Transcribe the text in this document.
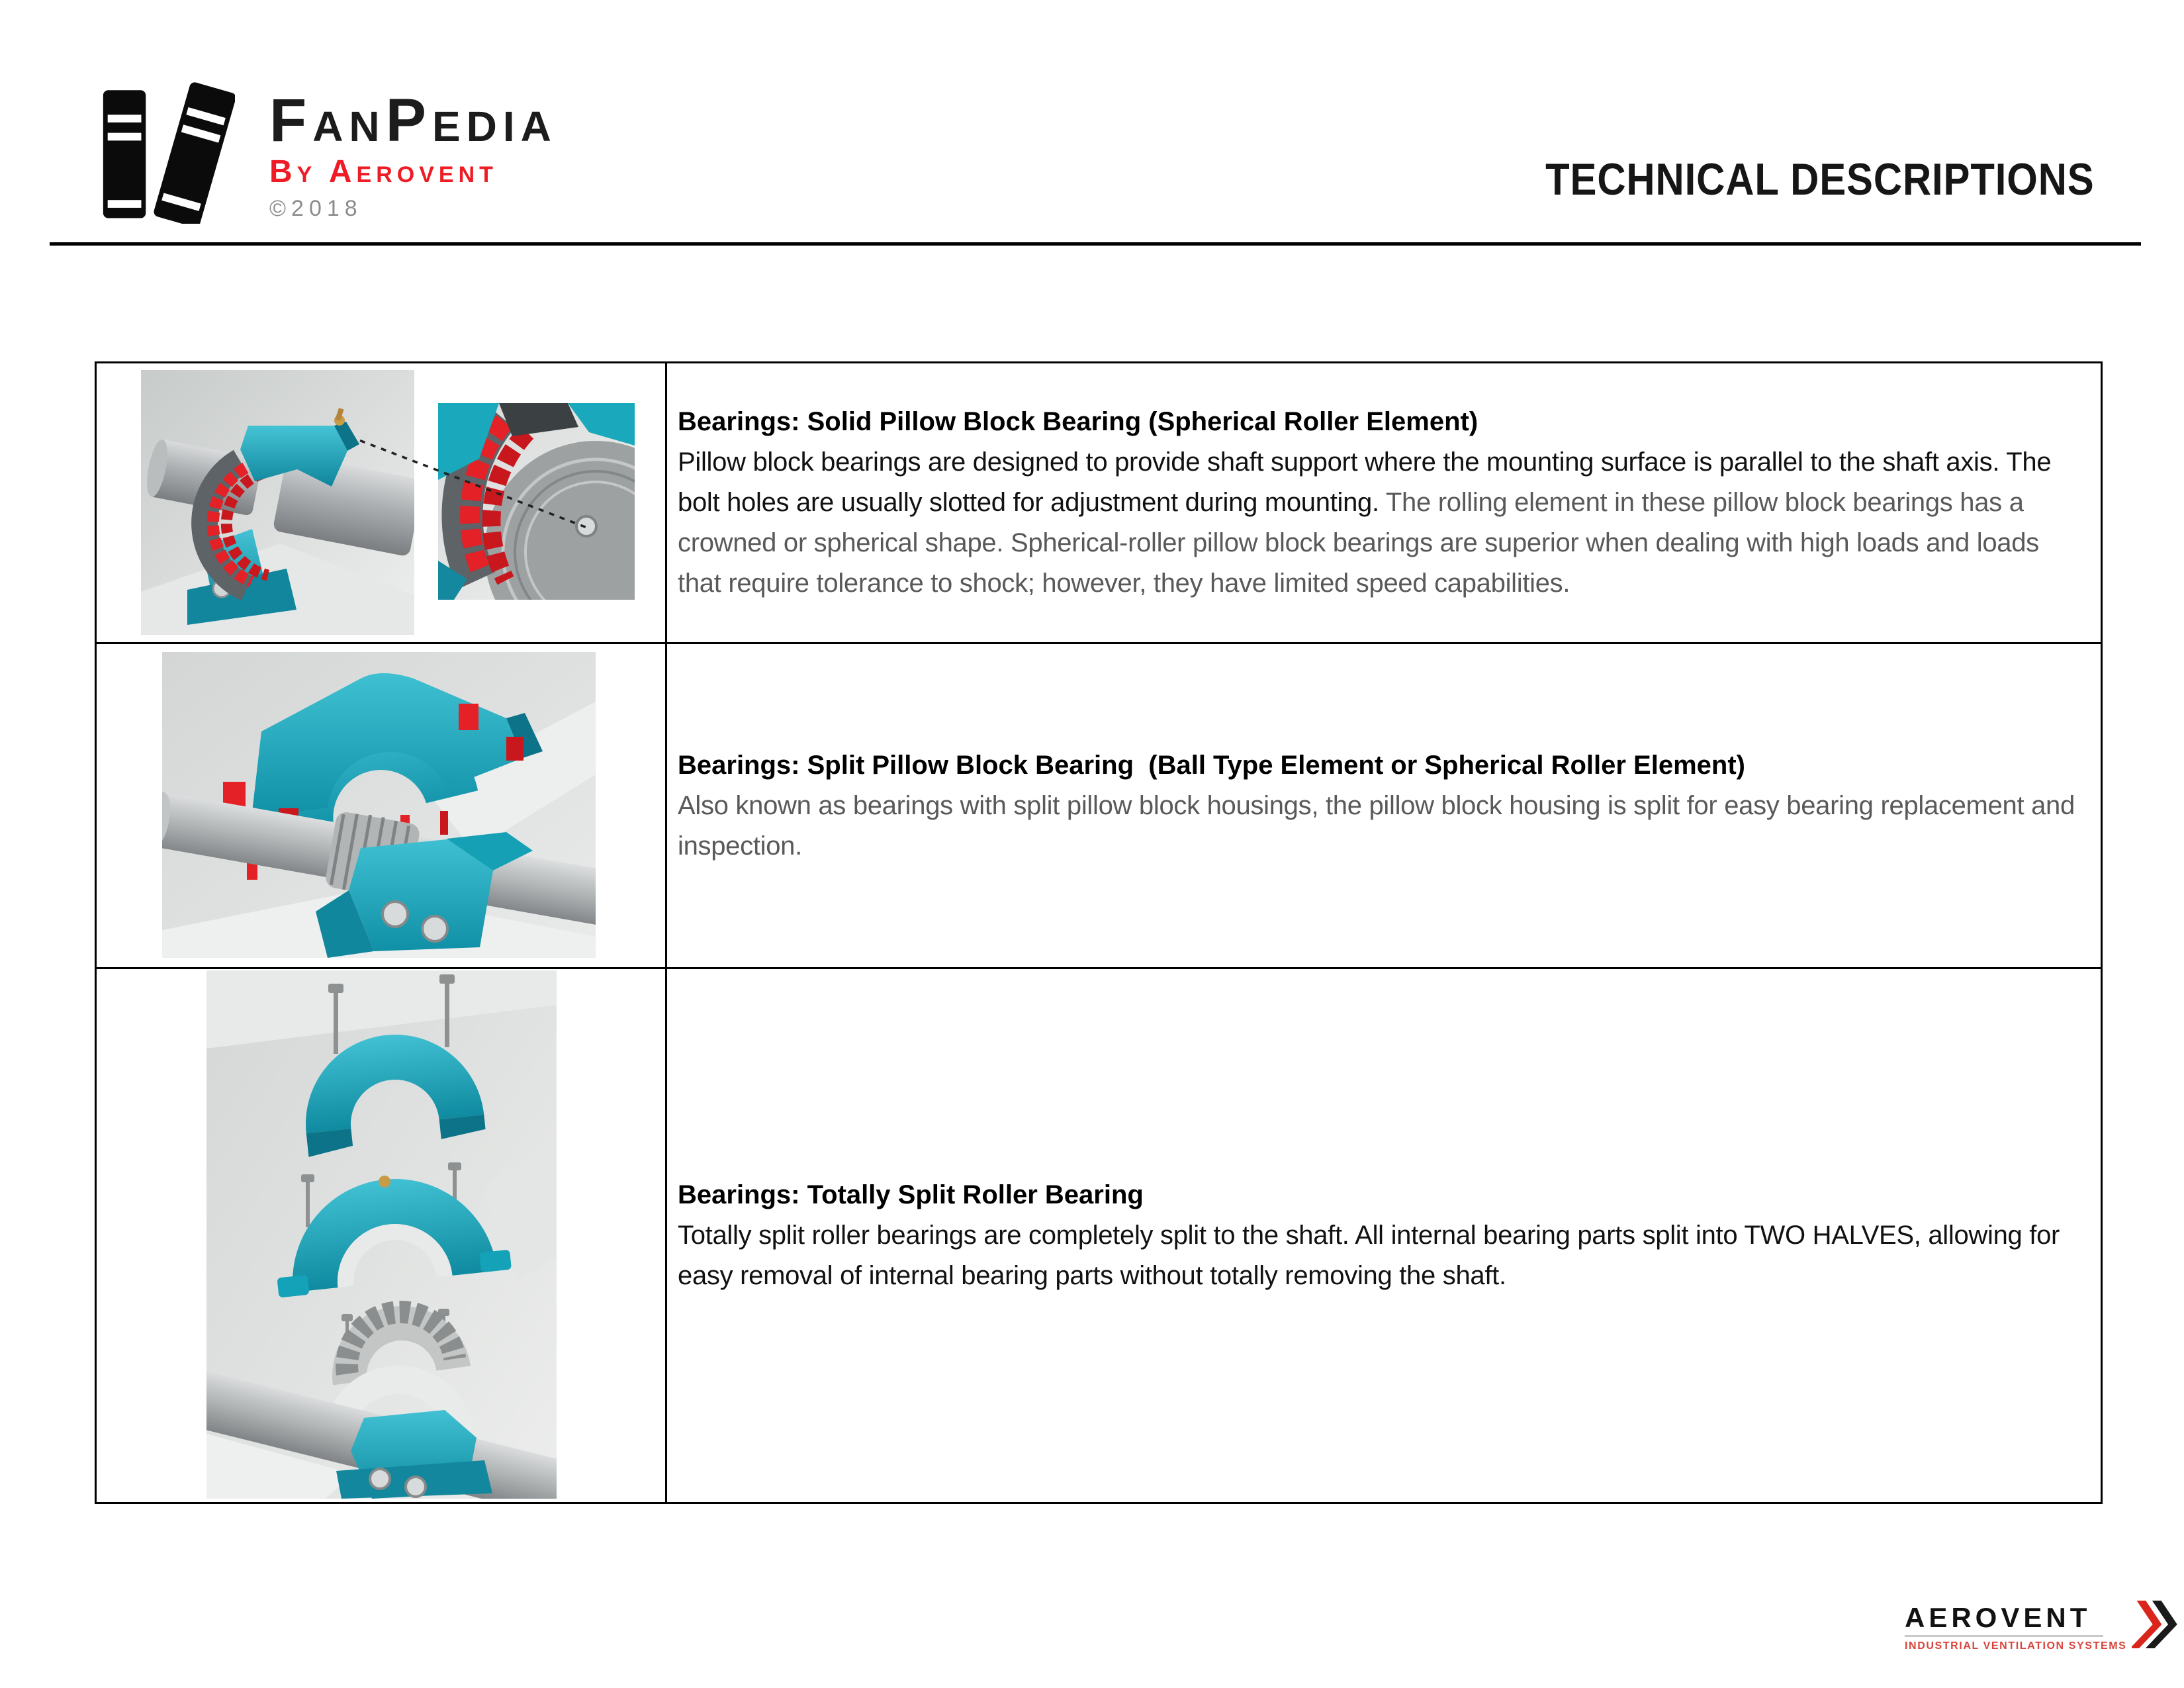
FanPedia
By Aerovent
©2018
TECHNICAL DESCRIPTIONS
Bearings: Solid Pillow Block Bearing (Spherical Roller Element)
Pillow block bearings are designed to provide shaft support where the mounting surface is parallel to the shaft axis. The bolt holes are usually slotted for adjustment during mounting. The rolling element in these pillow block bearings has a crowned or spherical shape. Spherical-roller pillow block bearings are superior when dealing with high loads and loads that require tolerance to shock; however, they have limited speed capabilities.
Bearings: Split Pillow Block Bearing  (Ball Type Element or Spherical Roller Element)
Also known as bearings with split pillow block housings, the pillow block housing is split for easy bearing replacement and inspection.
Bearings: Totally Split Roller Bearing
Totally split roller bearings are completely split to the shaft. All internal bearing parts split into TWO HALVES, allowing for easy removal of internal bearing parts without totally removing the shaft.
AEROVENT
INDUSTRIAL VENTILATION SYSTEMS
